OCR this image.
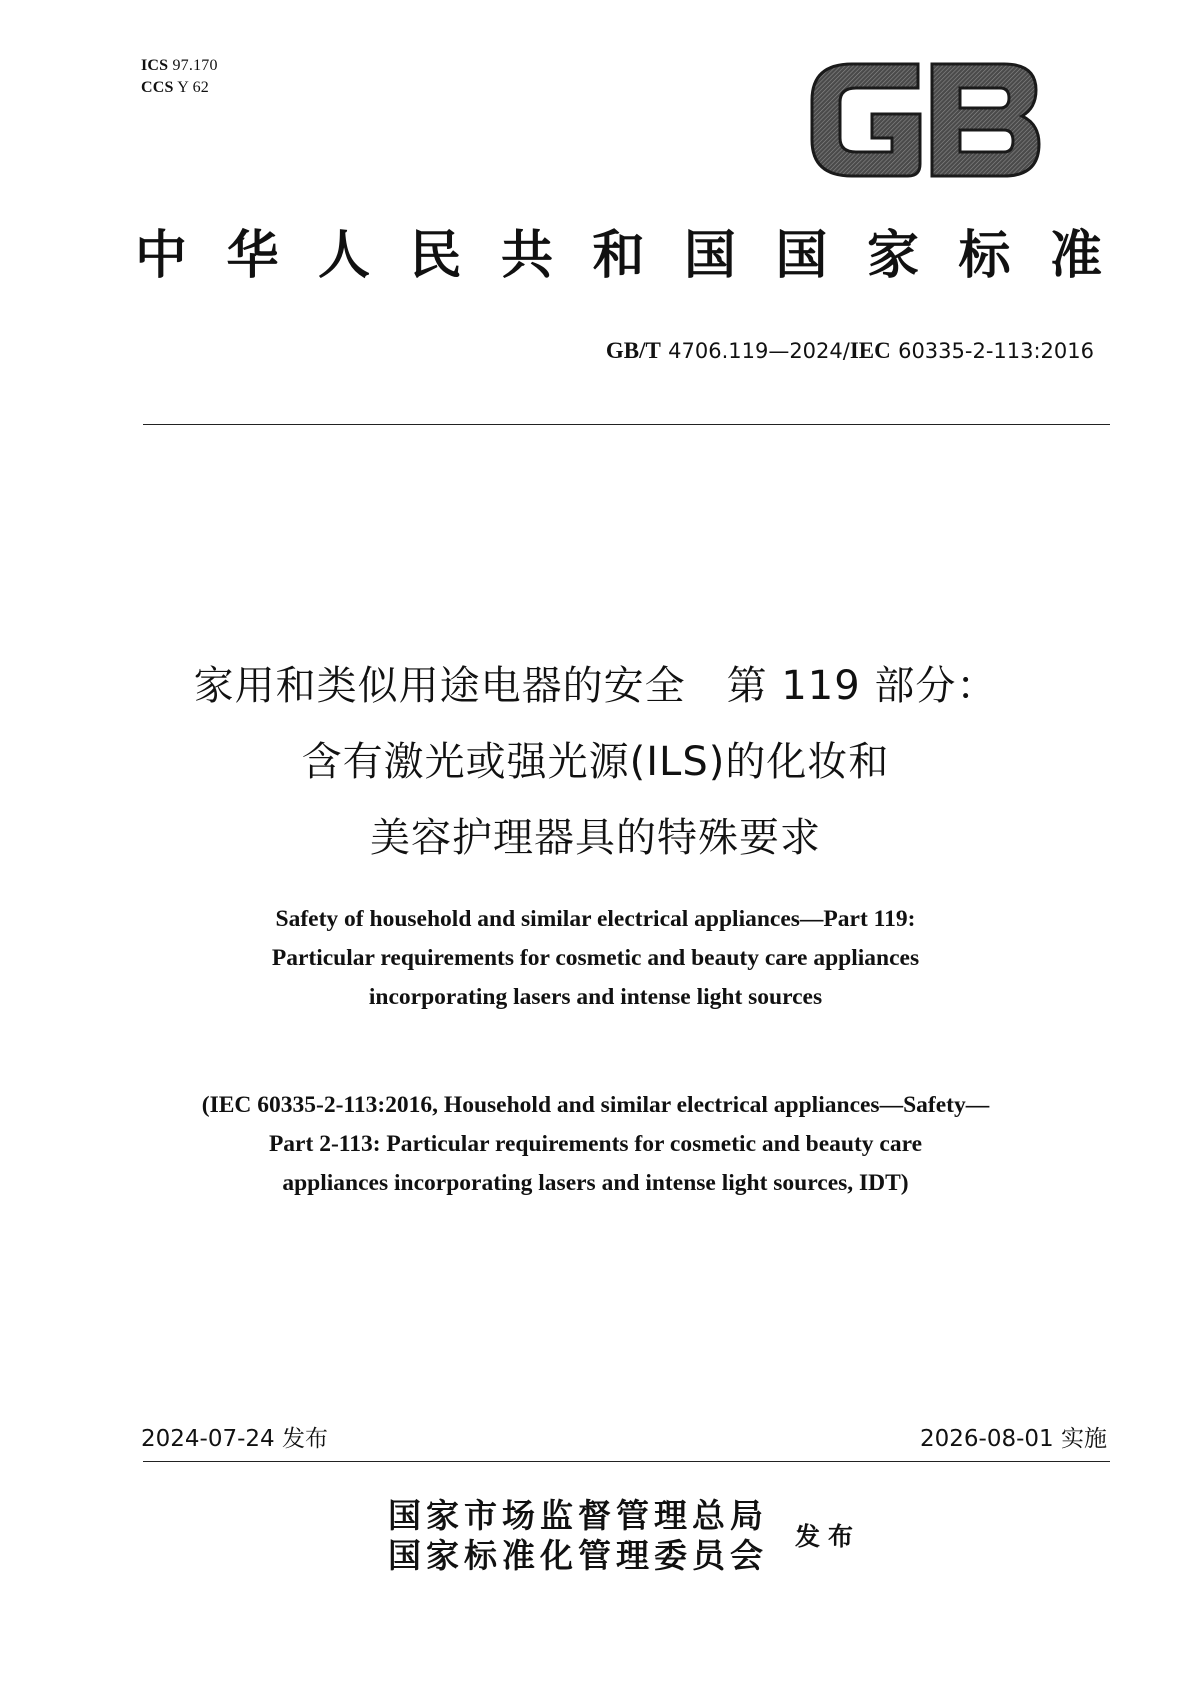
ICS 97.170
CCS Y 62
中华人民共和国国家标准
GB/T 4706.119—2024/IEC 60335-2-113:2016
家用和类似用途电器的安全　第 119 部分：
含有激光或强光源(ILS)的化妆和
美容护理器具的特殊要求
Safety of household and similar electrical appliances—Part 119:
Particular requirements for cosmetic and beauty care appliances
incorporating lasers and intense light sources
(IEC 60335-2-113:2016, Household and similar electrical appliances—Safety—
Part 2-113: Particular requirements for cosmetic and beauty care
appliances incorporating lasers and intense light sources, IDT)
2024-07-24 发布	2026-08-01 实施
国家市场监督管理总局
国家标准化管理委员会 发布
